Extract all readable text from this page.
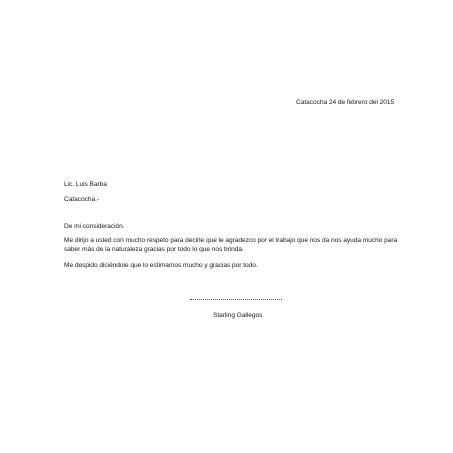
Catacocha 24 de febrero del 2015
Lic. Luis Barba
Catacocha.-
De mi consideración.
Me dirijo a usted con mucho respeto para decirle que le agradezco por el trabajo que nos da nos ayuda mucho para saber más de la naturaleza gracias por todo lo que nos brinda.
Me despido diciéndole que lo estimamos mucho y gracias por todo.
Starling Gallegos
